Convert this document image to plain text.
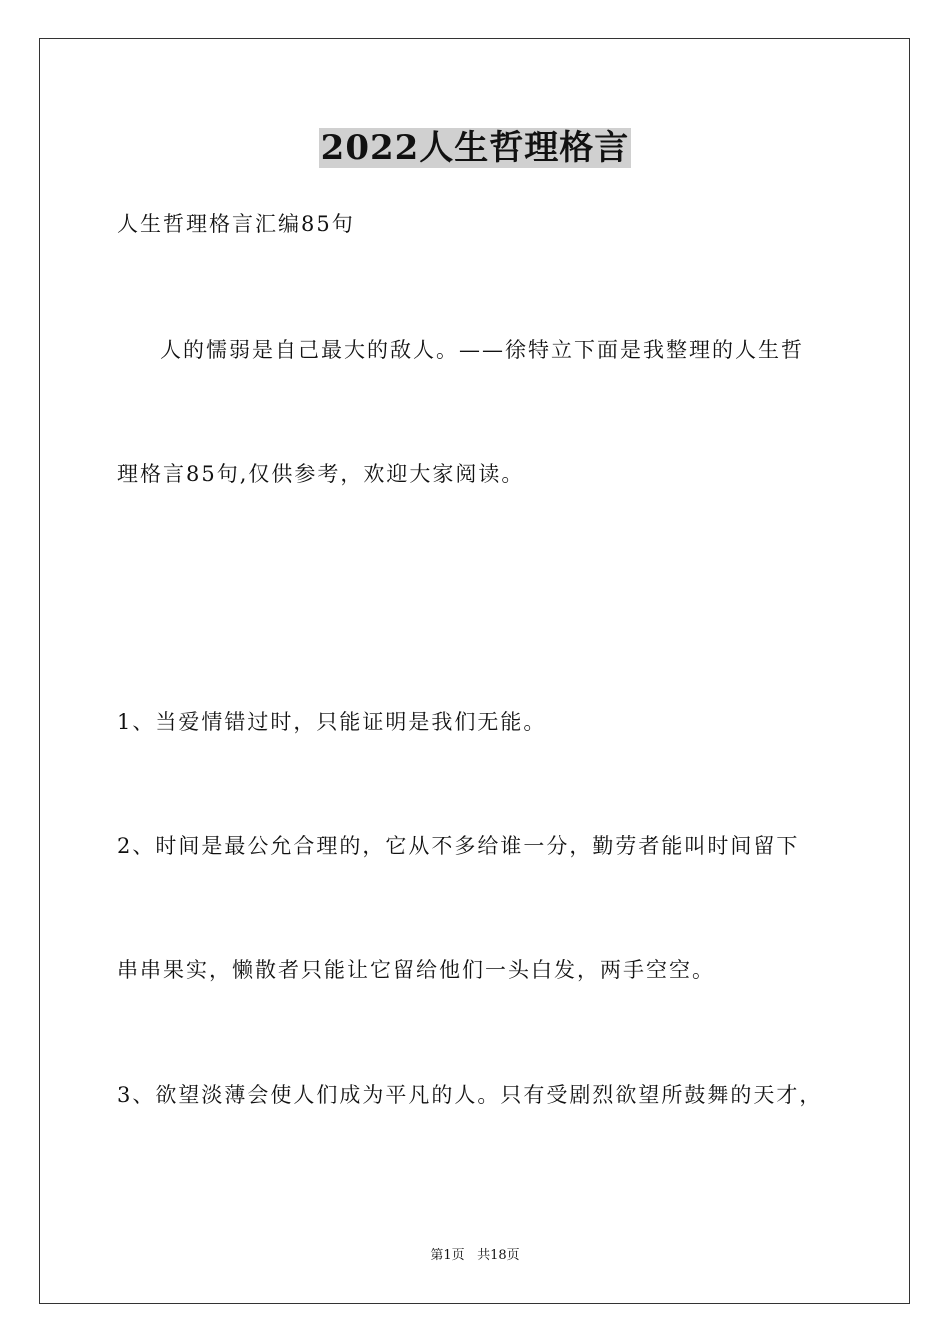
2022人生哲理格言
人生哲理格言汇编85句
人的懦弱是自己最大的敌人。——徐特立下面是我整理的人生哲
理格言85句,仅供参考，欢迎大家阅读。
1、当爱情错过时，只能证明是我们无能。
2、时间是最公允合理的，它从不多给谁一分，勤劳者能叫时间留下
串串果实，懒散者只能让它留给他们一头白发，两手空空。
3、欲望淡薄会使人们成为平凡的人。只有受剧烈欲望所鼓舞的天才，
第1页 共18页
